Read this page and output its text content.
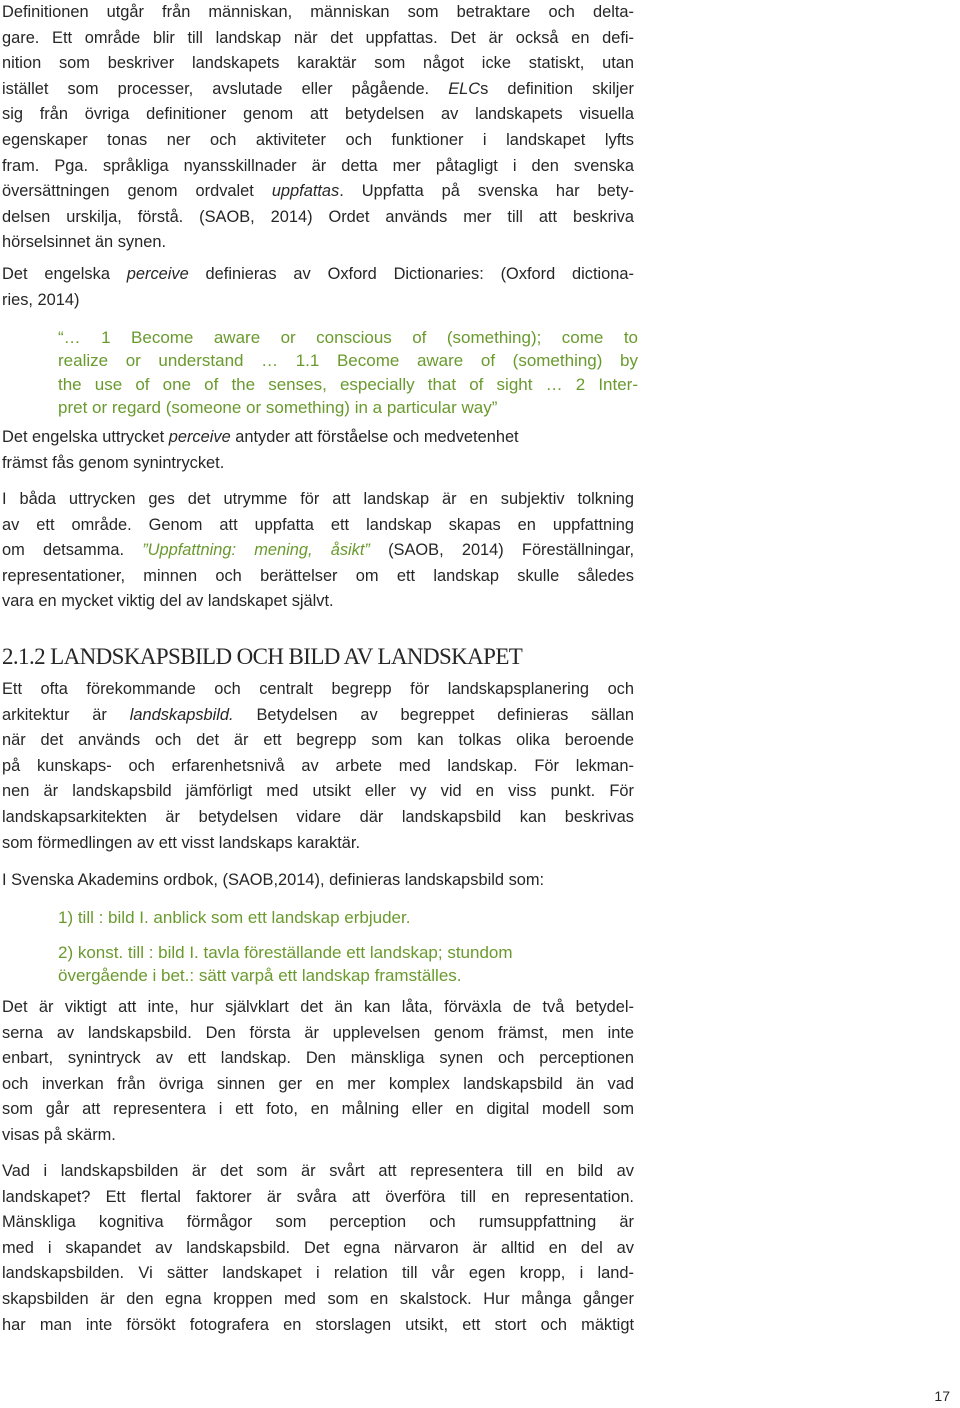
Definitionen utgår från människan, människan som betraktare och delta-
gare. Ett område blir till landskap när det uppfattas. Det är också en defi-
nition som beskriver landskapets karaktär som något icke statiskt, utan
istället som processer, avslutade eller pågående. ELCs definition skiljer
sig från övriga definitioner genom att betydelsen av landskapets visuella
egenskaper tonas ner och aktiviteter och funktioner i landskapet lyfts
fram. Pga. språkliga nyansskillnader är detta mer påtagligt i den svenska
översättningen genom ordvalet uppfattas. Uppfatta på svenska har bety-
delsen urskilja, förstå. (SAOB, 2014) Ordet används mer till att beskriva
hörselsinnet än synen.
Det engelska perceive definieras av Oxford Dictionaries: (Oxford dictiona-
ries, 2014)
“… 1 Become aware or conscious of (something); come to
realize or understand … 1.1 Become aware of (something) by
the use of one of the senses, especially that of sight … 2 Inter-
pret or regard (someone or something) in a particular way”
Det engelska uttrycket perceive antyder att förståelse och medvetenhet
främst fås genom synintrycket.
I båda uttrycken ges det utrymme för att landskap är en subjektiv tolkning
av ett område. Genom att uppfatta ett landskap skapas en uppfattning
om detsamma. ”Uppfattning: mening, åsikt” (SAOB, 2014) Föreställningar,
representationer, minnen och berättelser om ett landskap skulle således
vara en mycket viktig del av landskapet självt.
2.1.2 LANDSKAPSBILD OCH BILD AV LANDSKAPET
Ett ofta förekommande och centralt begrepp för landskapsplanering och
arkitektur är landskapsbild. Betydelsen av begreppet definieras sällan
när det används och det är ett begrepp som kan tolkas olika beroende
på kunskaps- och erfarenhetsnivå av arbete med landskap. För lekman-
nen är landskapsbild jämförligt med utsikt eller vy vid en viss punkt. För
landskapsarkitekten är betydelsen vidare där landskapsbild kan beskrivas
som förmedlingen av ett visst landskaps karaktär.
I Svenska Akademins ordbok, (SAOB,2014), definieras landskapsbild som:
1) till : bild I. anblick som ett landskap erbjuder.
2) konst. till : bild I. tavla föreställande ett landskap; stundom
övergående i bet.: sätt varpå ett landskap framställes.
Det är viktigt att inte, hur självklart det än kan låta, förväxla de två betydel-
serna av landskapsbild. Den första är upplevelsen genom främst, men inte
enbart, synintryck av ett landskap. Den mänskliga synen och perceptionen
och inverkan från övriga sinnen ger en mer komplex landskapsbild än vad
som går att representera i ett foto, en målning eller en digital modell som
visas på skärm.
Vad i landskapsbilden är det som är svårt att representera till en bild av
landskapet? Ett flertal faktorer är svåra att överföra till en representation.
Mänskliga kognitiva förmågor som perception och rumsuppfattning är
med i skapandet av landskapsbild. Det egna närvaron är alltid en del av
landskapsbilden. Vi sätter landskapet i relation till vår egen kropp, i land-
skapsbilden är den egna kroppen med som en skalstock. Hur många gånger
har man inte försökt fotografera en storslagen utsikt, ett stort och mäktigt
17
